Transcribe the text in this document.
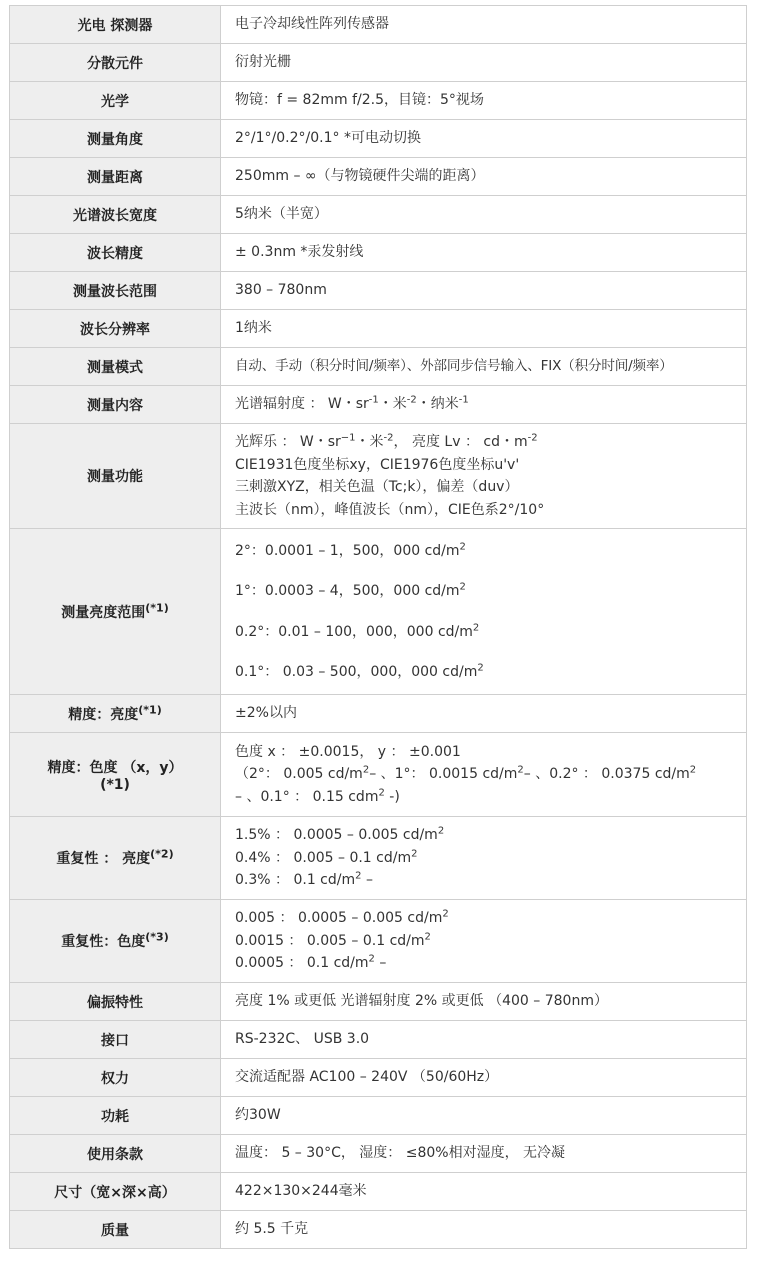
光电 探测器	电子冷却线性阵列传感器
分散元件	衍射光栅
光学	物镜：f = 82mm f/2.5，目镜：5°视场
测量角度	2°/1°/0.2°/0.1° *可电动切换
测量距离	250mm – ∞（与物镜硬件尖端的距离）
光谱波长宽度	5纳米（半宽）
波长精度	± 0.3nm *汞发射线
测量波长范围	380 – 780nm
波长分辨率	1纳米
测量模式	自动、手动（积分时间/频率）、外部同步信号输入、FIX（积分时间/频率）

测量内容	光谱辐射度 ： W・$sr^{-1}$・米$^{-2}$・纳米$^{-1}$

测量功能	光辉乐 ： W・$sr^{-1}$・米$^{-2}$， 亮度 Lv ： cd・$m^{-2}$
CIE1931色度坐标xy，CIE1976色度坐标u'v'
三刺激XYZ，相关色温（Tc;k），偏差（duv）
主波长（nm），峰值波长（nm），CIE色系2°/10°

测量亮度范围$^{(*1)}$	2°：0.0001 – 1，500，000 $cd/m^2$
1°：0.0003 – 4，500，000 $cd/m^2$
0.2°：0.01 – 100，000，000 $cd/m^2$
0.1°： 0.03 – 500，000，000 $cd/m^2$

精度：亮度$^{(*1)}$	±2%以内

精度：色度 （x，y）
(*1)	色度 x ： ±0.0015， y ： ±0.001
（2°： 0.005 $cd/m^2-$ 、1°： 0.0015 $cd/m^2-$ 、0.2° ： 0.0375 $cd/m^2$
– 、0.1° ： 0.15 cdm$^2$ -)

重复性 ： 亮度$^{(*2)}$	1.5% ： 0.0005 – 0.005 $cd/m^2$
0.4% ： 0.005 – 0.1 $cd/m^2$
0.3% ： 0.1 $cd/m^2$ –

重复性：色度$^{(*3)}$	0.005 ： 0.0005 – 0.005 $cd/m^2$
0.0015 ： 0.005 – 0.1 $cd/m^2$
0.0005 ： 0.1 $cd/m^2$ –

偏振特性	亮度 1% 或更低 光谱辐射度 2% 或更低 （400 – 780nm）
接口	RS-232C、 USB 3.0
权力	交流适配器 AC100 – 240V （50/60Hz）
功耗	约30W
使用条款	温度： 5 – 30°C， 湿度： ≤80%相对湿度， 无冷凝
尺寸（宽×深×高）	422×130×244毫米
质量	约 5.5 千克
